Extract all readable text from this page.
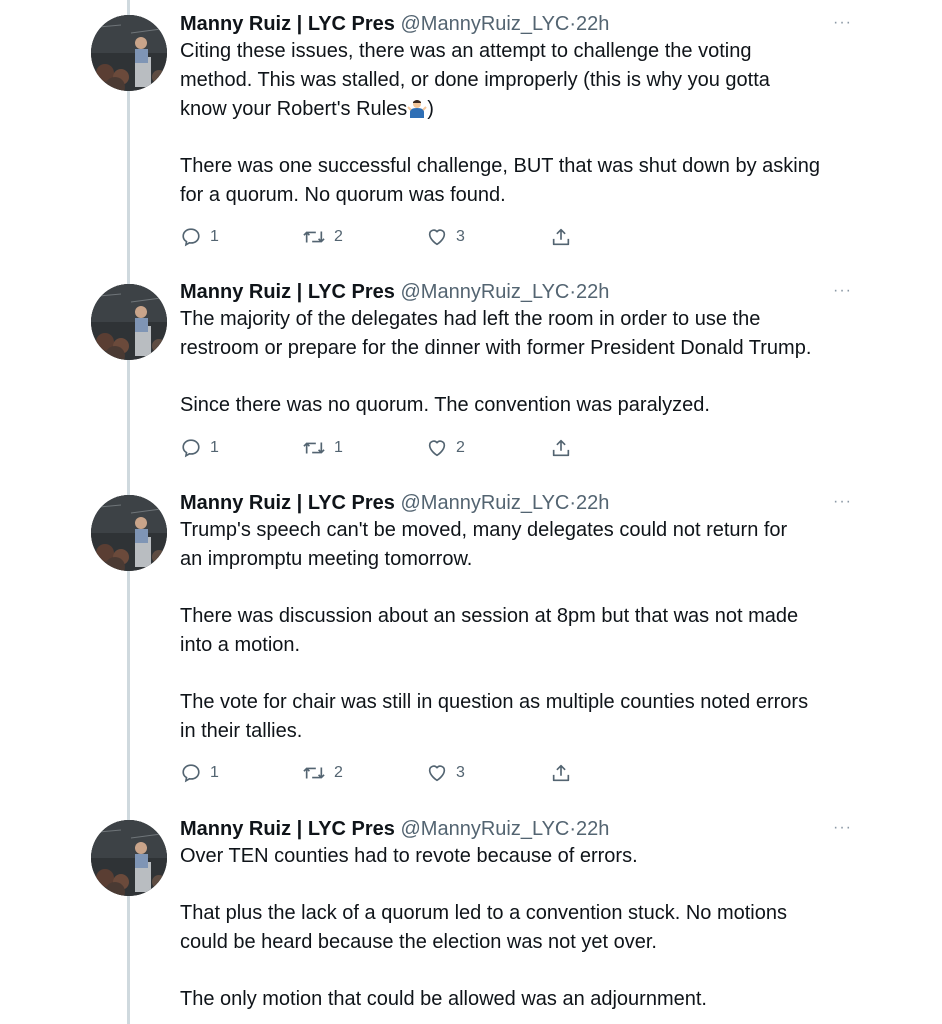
Manny Ruiz | LYC Pres @MannyRuiz_LYC·22h

Citing these issues, there was an attempt to challenge the voting

method. This was stalled, or done improperly (this is why you gotta

know your Robert's Rules )

There was one successful challenge, BUT that was shut down by asking

for a quorum. No quorum was found.

···
1	2	3
Manny Ruiz | LYC Pres @MannyRuiz_LYC·22h

The majority of the delegates had left the room in order to use the

restroom or prepare for the dinner with former President Donald Trump.

Since there was no quorum. The convention was paralyzed.

···
1	1	2
Manny Ruiz | LYC Pres @MannyRuiz_LYC·22h

Trump's speech can't be moved, many delegates could not return for

an impromptu meeting tomorrow.

There was discussion about an session at 8pm but that was not made

into a motion.

The vote for chair was still in question as multiple counties noted errors

in their tallies.

···
1	2	3
Manny Ruiz | LYC Pres @MannyRuiz_LYC·22h

Over TEN counties had to revote because of errors.

That plus the lack of a quorum led to a convention stuck. No motions

could be heard because the election was not yet over.

The only motion that could be allowed was an adjournment.

···
